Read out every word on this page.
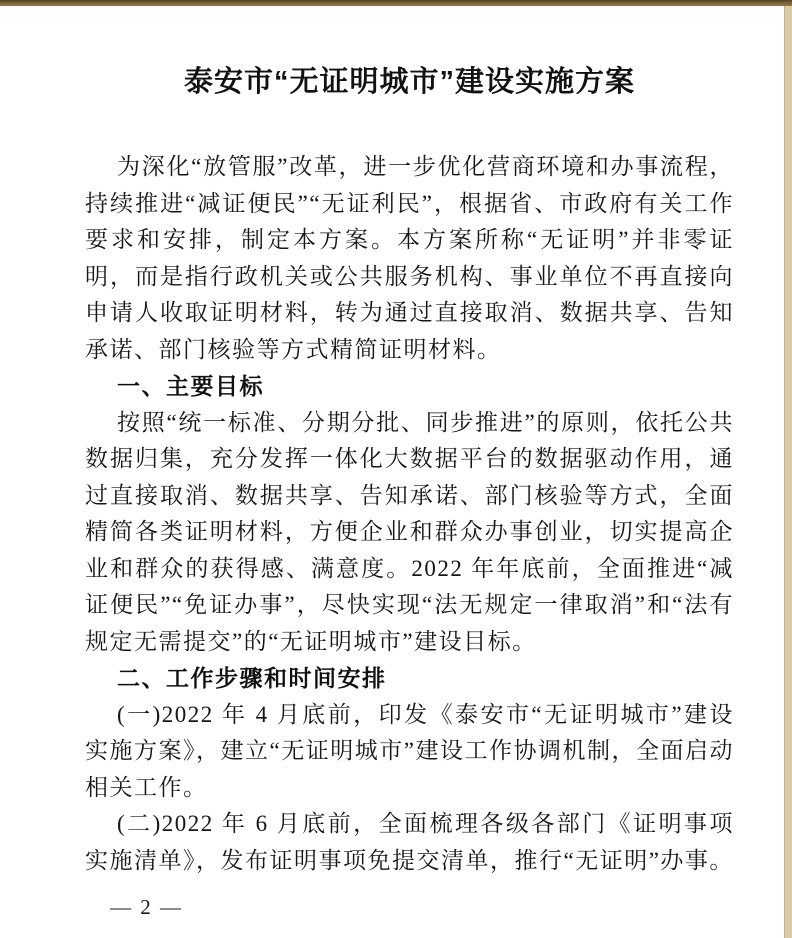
泰安市“无证明城市”建设实施方案

为深化“放管服”改革，进一步优化营商环境和办事流程，持续推进“减证便民”“无证利民”，根据省、市政府有关工作要求和安排，制定本方案。本方案所称“无证明”并非零证明，而是指行政机关或公共服务机构、事业单位不再直接向申请人收取证明材料，转为通过直接取消、数据共享、告知承诺、部门核验等方式精简证明材料。

一、主要目标

按照“统一标准、分期分批、同步推进”的原则，依托公共数据归集，充分发挥一体化大数据平台的数据驱动作用，通过直接取消、数据共享、告知承诺、部门核验等方式，全面精简各类证明材料，方便企业和群众办事创业，切实提高企业和群众的获得感、满意度。2022 年年底前，全面推进“减证便民”“免证办事”，尽快实现“法无规定一律取消”和“法有规定无需提交”的“无证明城市”建设目标。

二、工作步骤和时间安排

(一)2022 年 4 月底前，印发《泰安市“无证明城市”建设实施方案》，建立“无证明城市”建设工作协调机制，全面启动相关工作。

(二)2022 年 6 月底前，全面梳理各级各部门《证明事项实施清单》，发布证明事项免提交清单，推行“无证明”办事。

— 2 —
